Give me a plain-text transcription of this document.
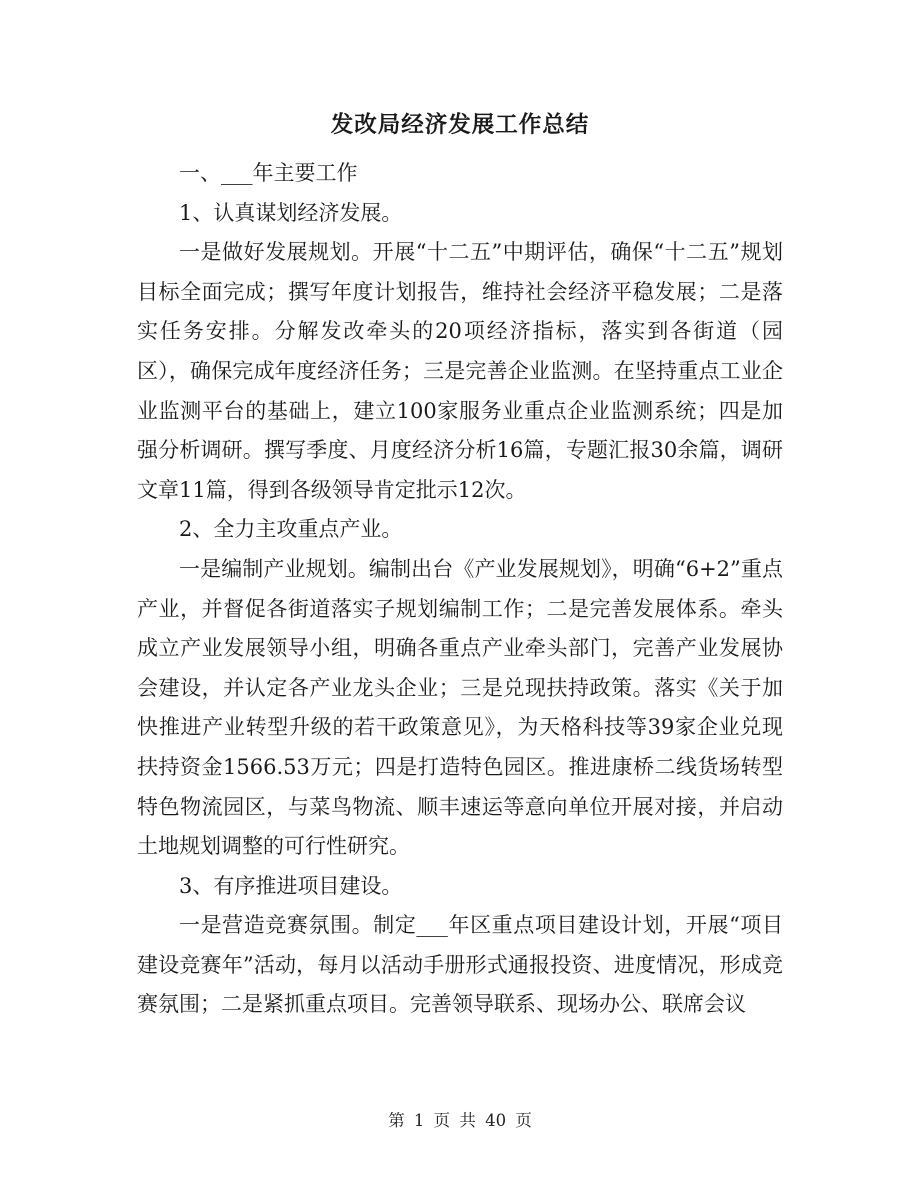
发改局经济发展工作总结

一、___年主要工作

1、认真谋划经济发展。

一是做好发展规划。开展“十二五”中期评估，确保“十二五”规划目标全面完成；撰写年度计划报告，维持社会经济平稳发展；二是落实任务安排。分解发改牵头的20项经济指标，落实到各街道（园区），确保完成年度经济任务；三是完善企业监测。在坚持重点工业企业监测平台的基础上，建立100家服务业重点企业监测系统；四是加强分析调研。撰写季度、月度经济分析16篇，专题汇报30余篇，调研文章11篇，得到各级领导肯定批示12次。

2、全力主攻重点产业。

一是编制产业规划。编制出台《产业发展规划》，明确“6+2”重点产业，并督促各街道落实子规划编制工作；二是完善发展体系。牵头成立产业发展领导小组，明确各重点产业牵头部门，完善产业发展协会建设，并认定各产业龙头企业；三是兑现扶持政策。落实《关于加快推进产业转型升级的若干政策意见》，为天格科技等39家企业兑现扶持资金1566.53万元；四是打造特色园区。推进康桥二线货场转型特色物流园区，与菜鸟物流、顺丰速运等意向单位开展对接，并启动土地规划调整的可行性研究。

3、有序推进项目建设。

一是营造竞赛氛围。制定___年区重点项目建设计划，开展“项目建设竞赛年”活动，每月以活动手册形式通报投资、进度情况，形成竞赛氛围；二是紧抓重点项目。完善领导联系、现场办公、联席会议

第 1 页 共 40 页
